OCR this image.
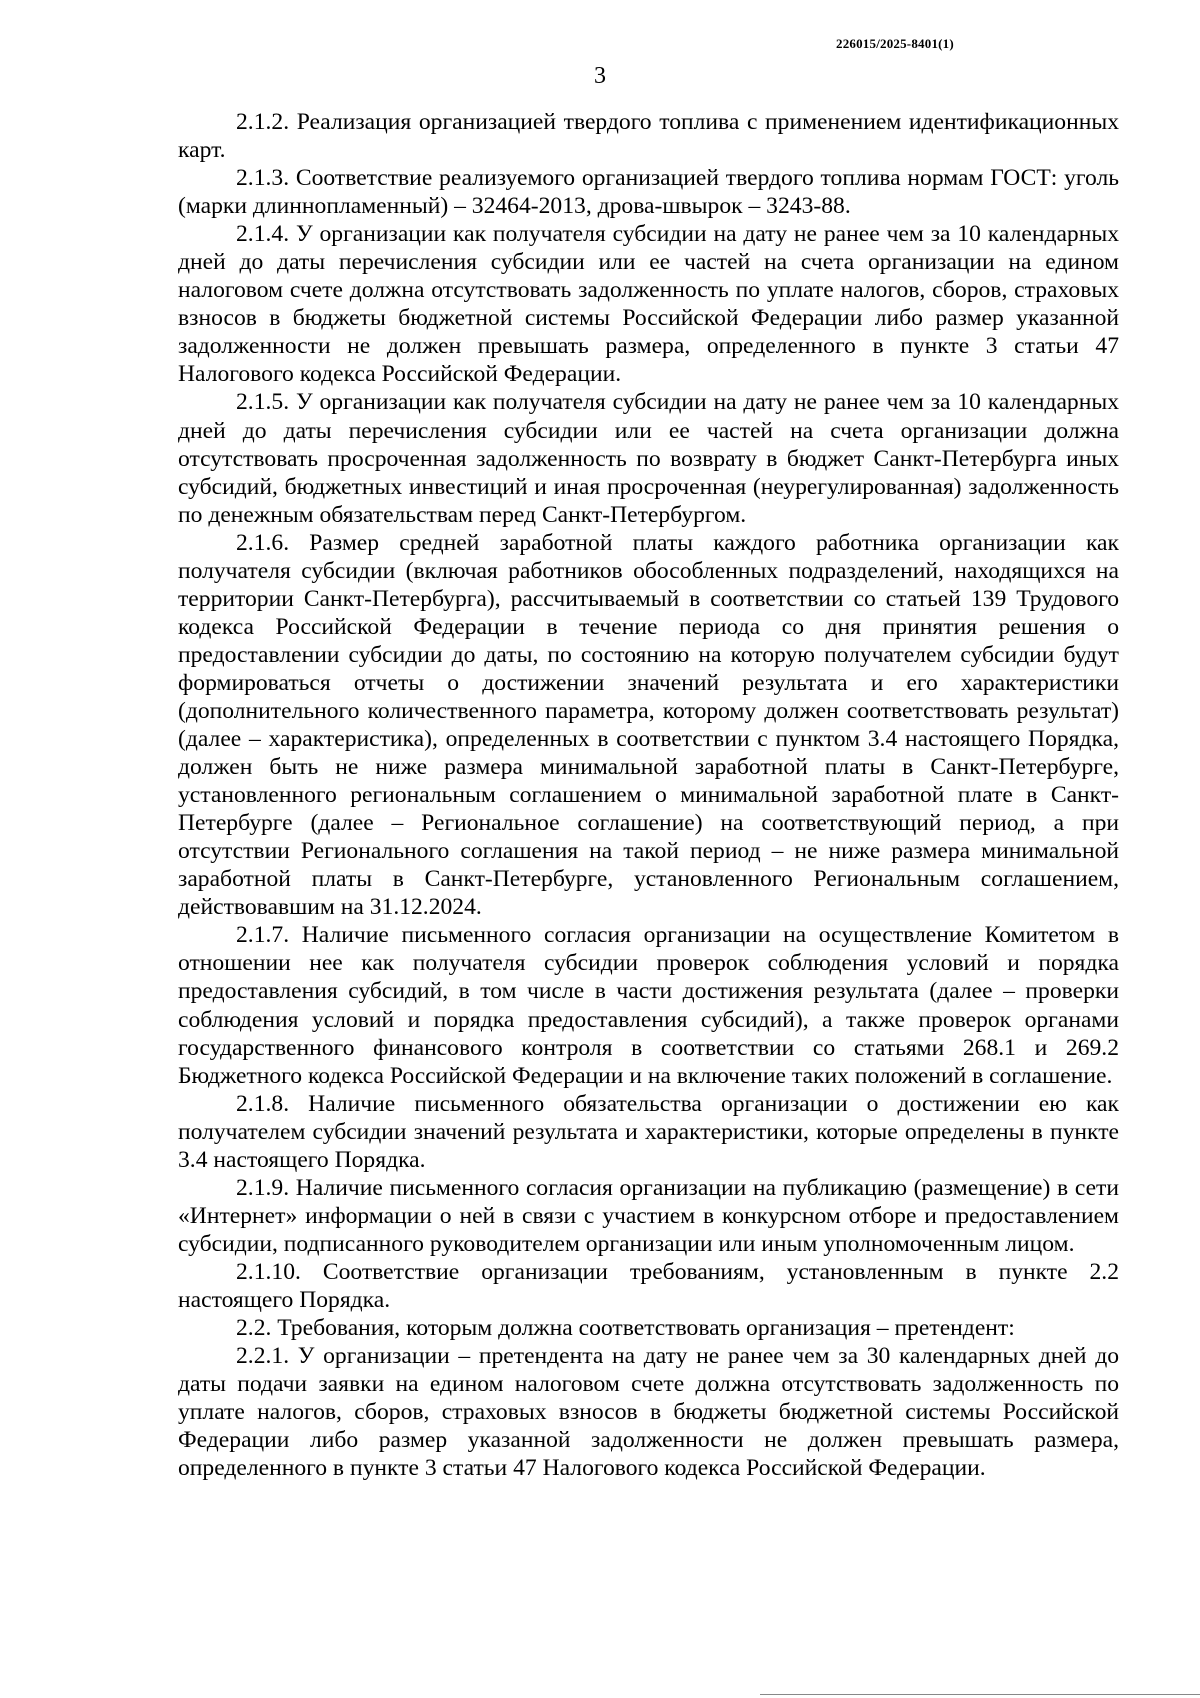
226015/2025-8401(1)
3

2.1.2. Реализация организацией твердого топлива с применением идентификационных карт.

2.1.3. Соответствие реализуемого организацией твердого топлива нормам ГОСТ: уголь (марки длиннопламенный) – 32464-2013, дрова-швырок – 3243-88.

2.1.4. У организации как получателя субсидии на дату не ранее чем за 10 календарных дней до даты перечисления субсидии или ее частей на счета организации на едином налоговом счете должна отсутствовать задолженность по уплате налогов, сборов, страховых взносов в бюджеты бюджетной системы Российской Федерации либо размер указанной задолженности не должен превышать размера, определенного в пункте 3 статьи 47 Налогового кодекса Российской Федерации.

2.1.5. У организации как получателя субсидии на дату не ранее чем за 10 календарных дней до даты перечисления субсидии или ее частей на счета организации должна отсутствовать просроченная задолженность по возврату в бюджет Санкт-Петербурга иных субсидий, бюджетных инвестиций и иная просроченная (неурегулированная) задолженность по денежным обязательствам перед Санкт-Петербургом.

2.1.6. Размер средней заработной платы каждого работника организации как получателя субсидии (включая работников обособленных подразделений, находящихся на территории Санкт-Петербурга), рассчитываемый в соответствии со статьей 139 Трудового кодекса Российской Федерации в течение периода со дня принятия решения о предоставлении субсидии до даты, по состоянию на которую получателем субсидии будут формироваться отчеты о достижении значений результата и его характеристики (дополнительного количественного параметра, которому должен соответствовать результат) (далее – характеристика), определенных в соответствии с пунктом 3.4 настоящего Порядка, должен быть не ниже размера минимальной заработной платы в Санкт-Петербурге, установленного региональным соглашением о минимальной заработной плате в Санкт-Петербурге (далее – Региональное соглашение) на соответствующий период, а при отсутствии Регионального соглашения на такой период – не ниже размера минимальной заработной платы в Санкт-Петербурге, установленного Региональным соглашением, действовавшим на 31.12.2024.

2.1.7. Наличие письменного согласия организации на осуществление Комитетом в отношении нее как получателя субсидии проверок соблюдения условий и порядка предоставления субсидий, в том числе в части достижения результата (далее – проверки соблюдения условий и порядка предоставления субсидий), а также проверок органами государственного финансового контроля в соответствии со статьями 268.1 и 269.2 Бюджетного кодекса Российской Федерации и на включение таких положений в соглашение.

2.1.8. Наличие письменного обязательства организации о достижении ею как получателем субсидии значений результата и характеристики, которые определены в пункте 3.4 настоящего Порядка.

2.1.9. Наличие письменного согласия организации на публикацию (размещение) в сети «Интернет» информации о ней в связи с участием в конкурсном отборе и предоставлением субсидии, подписанного руководителем организации или иным уполномоченным лицом.

2.1.10. Соответствие организации требованиям, установленным в пункте 2.2 настоящего Порядка.

2.2. Требования, которым должна соответствовать организация – претендент:

2.2.1. У организации – претендента на дату не ранее чем за 30 календарных дней до даты подачи заявки на едином налоговом счете должна отсутствовать задолженность по уплате налогов, сборов, страховых взносов в бюджеты бюджетной системы Российской Федерации либо размер указанной задолженности не должен превышать размера, определенного в пункте 3 статьи 47 Налогового кодекса Российской Федерации.
